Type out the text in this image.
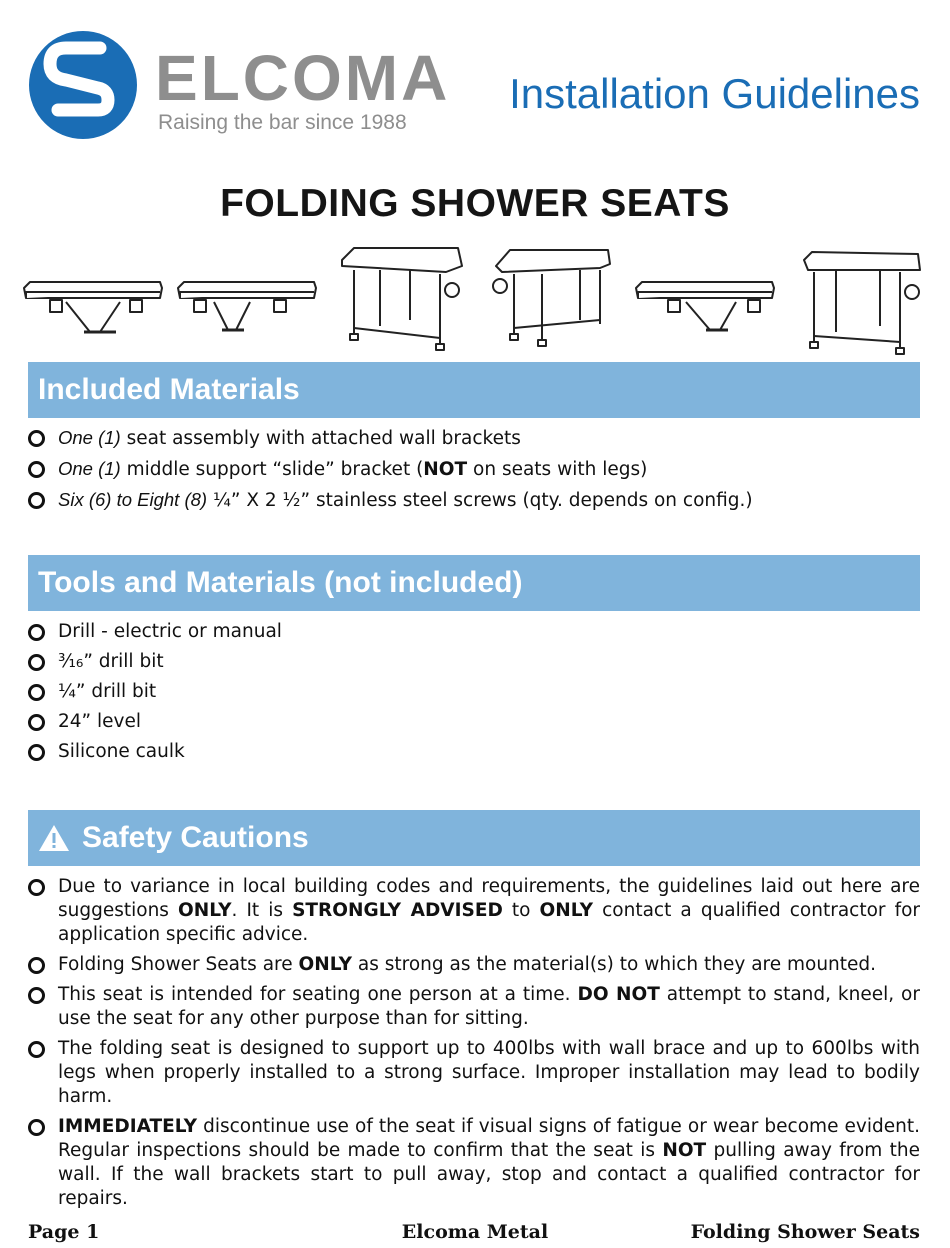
ELCOMA
Raising the bar since 1988
Installation Guidelines
FOLDING SHOWER SEATS
Included Materials
One (1) seat assembly with attached wall brackets
One (1) middle support “slide” bracket (NOT on seats with legs)
Six (6) to Eight (8) ¼” X 2 ½” stainless steel screws (qty. depends on config.)
Tools and Materials (not included)
Drill - electric or manual
³⁄₁₆” drill bit
¼” drill bit
24” level
Silicone caulk
Safety Cautions
Due to variance in local building codes and requirements, the guidelines laid out here are suggestions ONLY. It is STRONGLY ADVISED to ONLY contact a qualified contractor for application specific advice.
Folding Shower Seats are ONLY as strong as the material(s) to which they are mounted.
This seat is intended for seating one person at a time. DO NOT attempt to stand, kneel, or use the seat for any other purpose than for sitting.
The folding seat is designed to support up to 400lbs with wall brace and up to 600lbs with legs when properly installed to a strong surface. Improper installation may lead to bodily harm.
IMMEDIATELY discontinue use of the seat if visual signs of fatigue or wear become evident. Regular inspections should be made to confirm that the seat is NOT pulling away from the wall. If the wall brackets start to pull away, stop and contact a qualified contractor for repairs.
Page 1	Elcoma Metal	Folding Shower Seats
